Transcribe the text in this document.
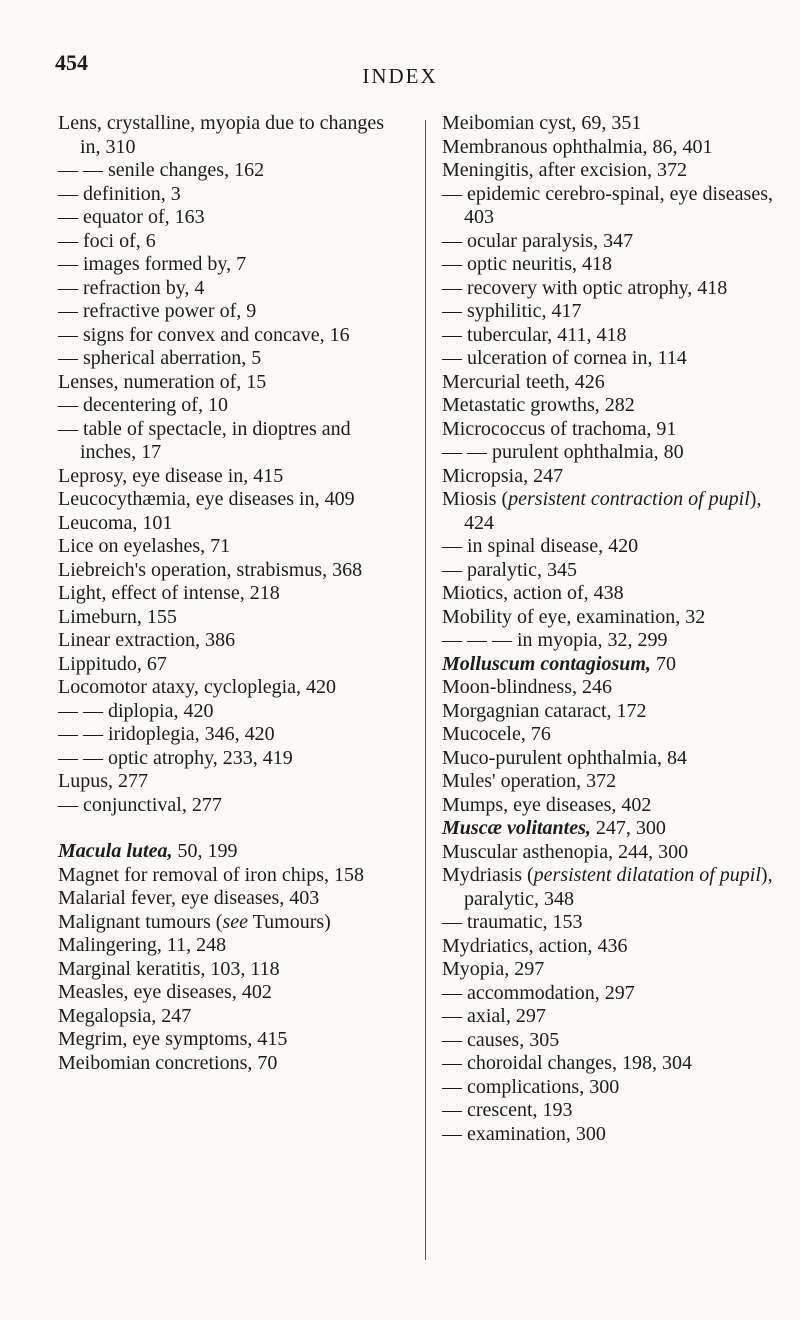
454
INDEX
Lens, crystalline, myopia due to changes in, 310
— — senile changes, 162
— definition, 3
— equator of, 163
— foci of, 6
— images formed by, 7
— refraction by, 4
— refractive power of, 9
— signs for convex and concave, 16
— spherical aberration, 5
Lenses, numeration of, 15
— decentering of, 10
— table of spectacle, in dioptres and inches, 17
Leprosy, eye disease in, 415
Leucocythæmia, eye diseases in, 409
Leucoma, 101
Lice on eyelashes, 71
Liebreich's operation, strabismus, 368
Light, effect of intense, 218
Limeburn, 155
Linear extraction, 386
Lippitudo, 67
Locomotor ataxy, cycloplegia, 420
— — diplopia, 420
— — iridoplegia, 346, 420
— — optic atrophy, 233, 419
Lupus, 277
— conjunctival, 277
Macula lutea, 50, 199
Magnet for removal of iron chips, 158
Malarial fever, eye diseases, 403
Malignant tumours (see Tumours)
Malingering, 11, 248
Marginal keratitis, 103, 118
Measles, eye diseases, 402
Megalopsia, 247
Megrim, eye symptoms, 415
Meibomian concretions, 70
Meibomian cyst, 69, 351
Membranous ophthalmia, 86, 401
Meningitis, after excision, 372
— epidemic cerebro-spinal, eye diseases, 403
— ocular paralysis, 347
— optic neuritis, 418
— recovery with optic atrophy, 418
— syphilitic, 417
— tubercular, 411, 418
— ulceration of cornea in, 114
Mercurial teeth, 426
Metastatic growths, 282
Micrococcus of trachoma, 91
— — purulent ophthalmia, 80
Micropsia, 247
Miosis (persistent contraction of pupil), 424
— in spinal disease, 420
— paralytic, 345
Miotics, action of, 438
Mobility of eye, examination, 32
— — — in myopia, 32, 299
Molluscum contagiosum, 70
Moon-blindness, 246
Morgagnian cataract, 172
Mucocele, 76
Muco-purulent ophthalmia, 84
Mules' operation, 372
Mumps, eye diseases, 402
Muscæ volitantes, 247, 300
Muscular asthenopia, 244, 300
Mydriasis (persistent dilatation of pupil), paralytic, 348
— traumatic, 153
Mydriatics, action, 436
Myopia, 297
— accommodation, 297
— axial, 297
— causes, 305
— choroidal changes, 198, 304
— complications, 300
— crescent, 193
— examination, 300
